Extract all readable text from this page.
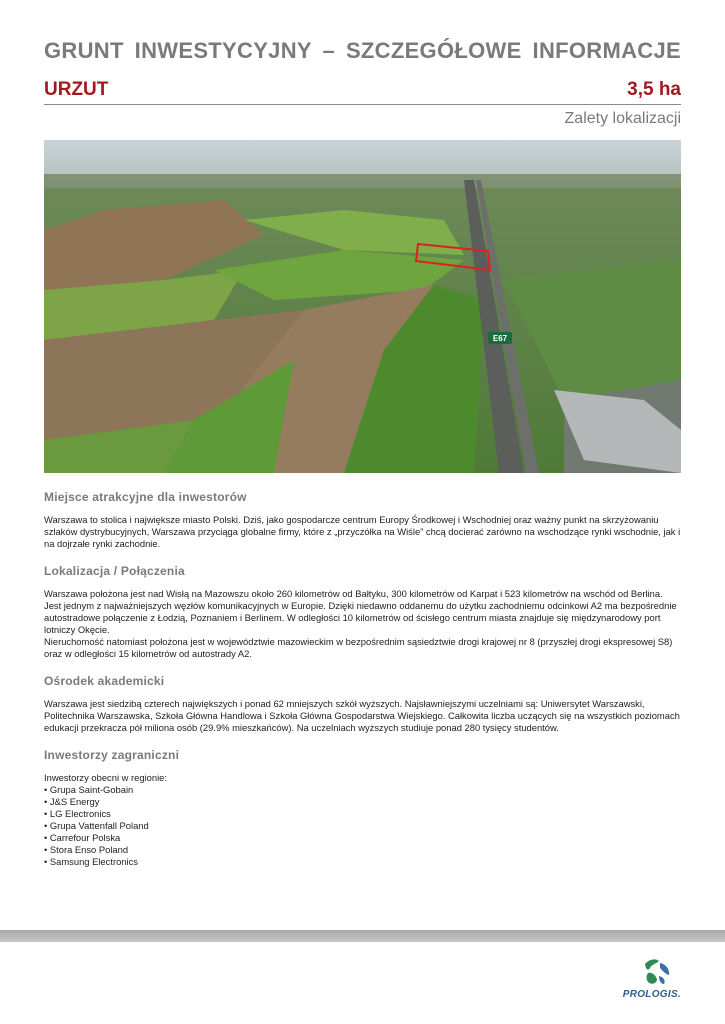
GRUNT INWESTYCYJNY – SZCZEGÓŁOWE INFORMACJE
URZUT	3,5 ha
Zalety lokalizacji
E67
Miejsce atrakcyjne dla inwestorów

Warszawa to stolica i największe miasto Polski. Dziś, jako gospodarcze centrum Europy Środkowej i Wschodniej oraz ważny punkt na skrzyżowaniu szlaków dystrybucyjnych, Warszawa przyciąga globalne firmy, które z „przyczółka na Wiśle” chcą docierać zarówno na wschodzące rynki wschodnie, jak i na dojrzałe rynki zachodnie.

Lokalizacja / Połączenia

Warszawa położona jest nad Wisłą na Mazowszu około 260 kilometrów od Bałtyku, 300 kilometrów od Karpat i 523 kilometrów na wschód od Berlina. Jest jednym z najważniejszych węzłów komunikacyjnych w Europie. Dzięki niedawno oddanemu do użytku zachodniemu odcinkowi A2 ma bezpośrednie autostradowe połączenie z Łodzią, Poznaniem i Berlinem. W odległości 10 kilometrów od ścisłego centrum miasta znajduje się międzynarodowy port lotniczy Okęcie.

Nieruchomość natomiast położona jest w województwie mazowieckim w bezpośrednim sąsiedztwie drogi krajowej nr 8 (przyszłej drogi ekspresowej S8) oraz w odległości 15 kilometrów od autostrady A2.

Ośrodek akademicki

Warszawa jest siedzibą czterech największych i ponad 62 mniejszych szkół wyższych. Najsławniejszymi uczelniami są: Uniwersytet Warszawski, Politechnika Warszawska, Szkoła Główna Handlowa i Szkoła Główna Gospodarstwa Wiejskiego. Całkowita liczba uczących się na wszystkich poziomach edukacji przekracza pół miliona osób (29.9% mieszkańców). Na uczelniach wyższych studiuje ponad 280 tysięcy studentów.

Inwestorzy zagraniczni

Inwestorzy obecni w regionie:

• Grupa Saint-Gobain
• J&S Energy
• LG Electronics
• Grupa Vattenfall Poland
• Carrefour Polska
• Stora Enso Poland
• Samsung Electronics
PROLOGIS.
